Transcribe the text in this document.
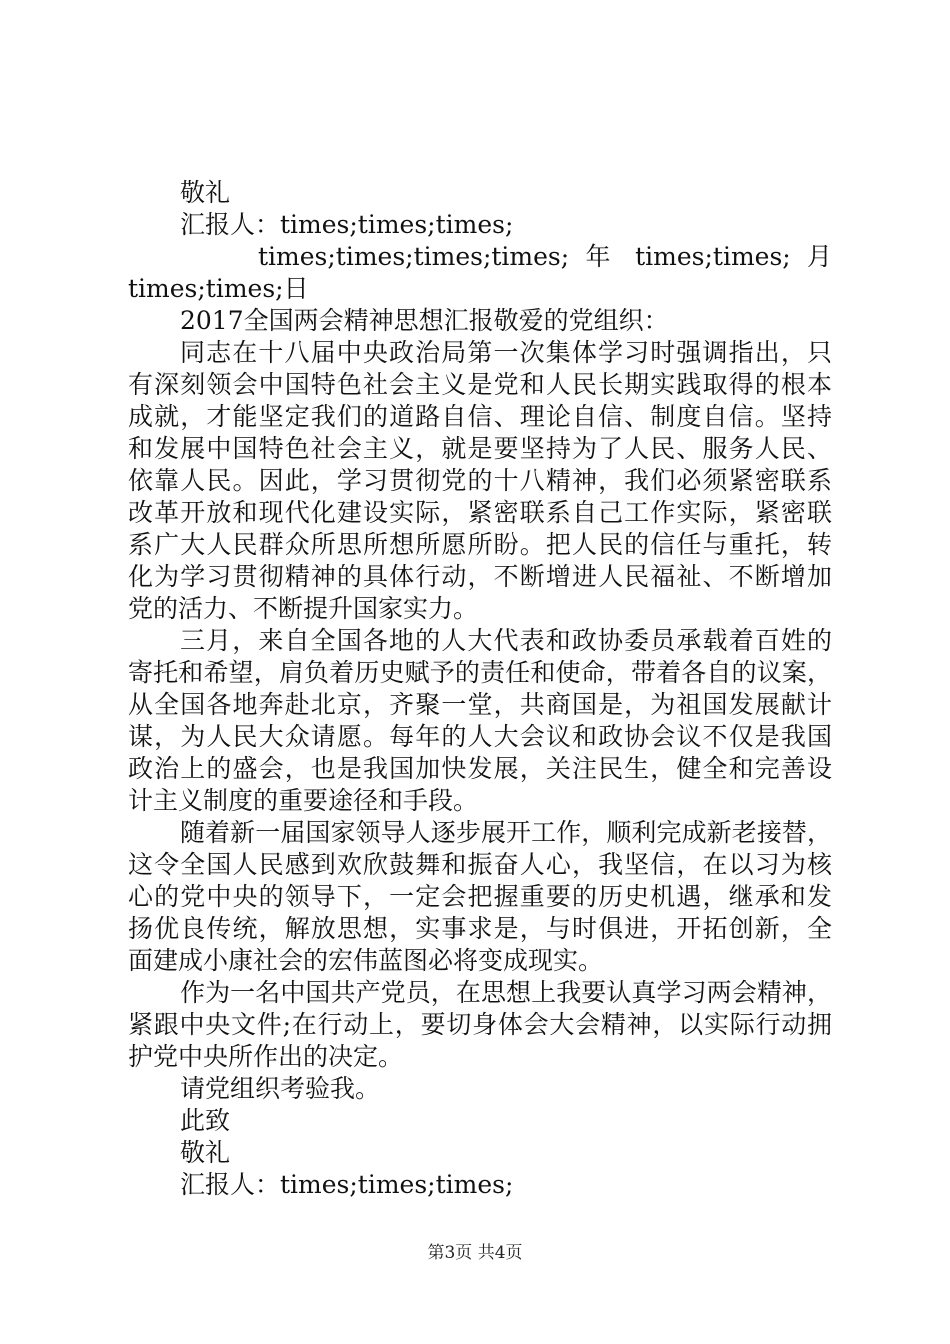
敬礼
汇报人：times;times;times;
times;times;times;times; 年 times;times; 月
times;times;日
2017全国两会精神思想汇报敬爱的党组织：
同志在十八届中央政治局第一次集体学习时强调指出，只
有深刻领会中国特色社会主义是党和人民长期实践取得的根本
成就，才能坚定我们的道路自信、理论自信、制度自信。坚持
和发展中国特色社会主义，就是要坚持为了人民、服务人民、
依靠人民。因此，学习贯彻党的十八精神，我们必须紧密联系
改革开放和现代化建设实际，紧密联系自己工作实际，紧密联
系广大人民群众所思所想所愿所盼。把人民的信任与重托，转
化为学习贯彻精神的具体行动，不断增进人民福祉、不断增加
党的活力、不断提升国家实力。
三月，来自全国各地的人大代表和政协委员承载着百姓的
寄托和希望，肩负着历史赋予的责任和使命，带着各自的议案，
从全国各地奔赴北京，齐聚一堂，共商国是，为祖国发展献计
谋，为人民大众请愿。每年的人大会议和政协会议不仅是我国
政治上的盛会，也是我国加快发展，关注民生，健全和完善设
计主义制度的重要途径和手段。
随着新一届国家领导人逐步展开工作，顺利完成新老接替，
这令全国人民感到欢欣鼓舞和振奋人心，我坚信，在以习为核
心的党中央的领导下，一定会把握重要的历史机遇，继承和发
扬优良传统，解放思想，实事求是，与时俱进，开拓创新，全
面建成小康社会的宏伟蓝图必将变成现实。
作为一名中国共产党员，在思想上我要认真学习两会精神，
紧跟中央文件;在行动上，要切身体会大会精神，以实际行动拥
护党中央所作出的决定。
请党组织考验我。
此致
敬礼
汇报人：times;times;times;
第3页 共4页
